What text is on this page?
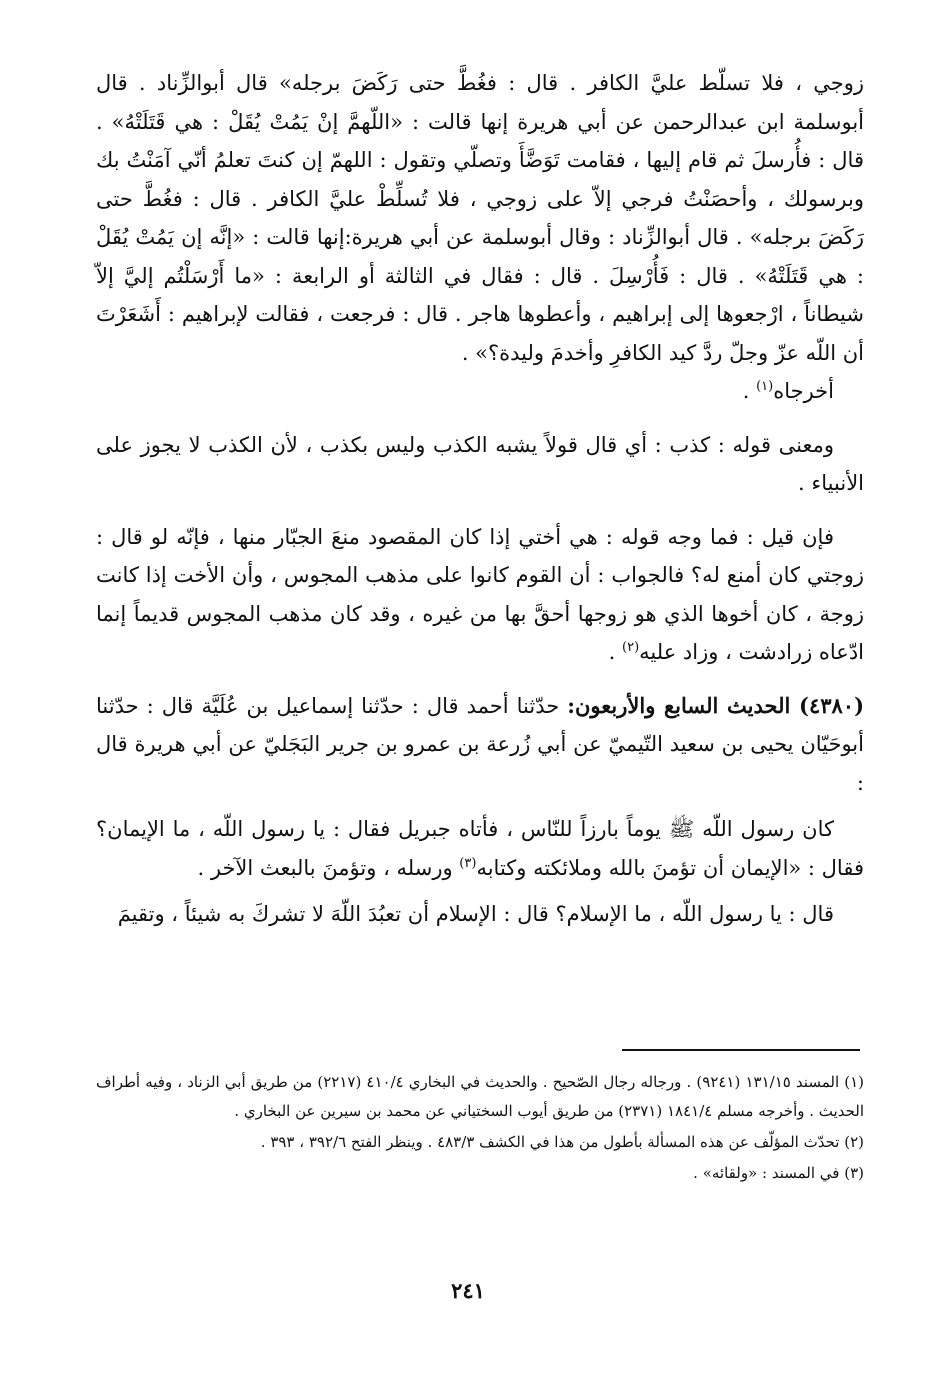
زوجي ، فلا تسلّط عليَّ الكافر . قال : فغُطَّ حتى رَكَضَ برجله» قال أبوالزِّناد . قال أبوسلمة ابن عبدالرحمن عن أبي هريرة إنها قالت : «اللّهمَّ إنْ يَمُتْ يُقَلْ : هي قَتَلَتْهُ» . قال : فأُرسلَ ثم قام إليها ، فقامت تَوَضَّأَ وتصلّي وتقول : اللهمّ إن كنتَ تعلمُ أنّي آمَنْتُ بك وبرسولك ، وأحصَنْتُ فرجي إلاّ على زوجي ، فلا تُسلِّطْ عليَّ الكافر . قال : فغُطَّ حتى رَكَضَ برجله» . قال أبوالزِّناد : وقال أبوسلمة عن أبي هريرة:إنها قالت : «إنَّه إن يَمُتْ يُقَلْ : هي قَتَلَتْهُ» . قال : فَأُرْسِلَ . قال : فقال في الثالثة أو الرابعة : «ما أَرْسَلْتُم إليَّ إلاّ شيطاناً ، ارْجعوها إلى إبراهيم ، وأعطوها هاجر . قال : فرجعت ، فقالت لإبراهيم : أَشَعَرْتَ أن اللّه عزّ وجلّ ردَّ كيد الكافرِ وأخدمَ وليدة؟» .

أخرجاه$^{(١)}$ .

ومعنى قوله : كذب : أي قال قولاً يشبه الكذب وليس بكذب ، لأن الكذب لا يجوز على الأنبياء .

فإن قيل : فما وجه قوله : هي أختي إذا كان المقصود منعَ الجبّار منها ، فإنّه لو قال : زوجتي كان أمنع له؟ فالجواب : أن القوم كانوا على مذهب المجوس ، وأن الأخت إذا كانت زوجة ، كان أخوها الذي هو زوجها أحقَّ بها من غيره ، وقد كان مذهب المجوس قديماً إنما ادّعاه زرادشت ، وزاد عليه$^{(٢)}$ .

(٤٣٨٠) الحديث السابع والأربعون: حدّثنا أحمد قال : حدّثنا إسماعيل بن عُلَيَّة قال : حدّثنا أبوحَيّان يحيى بن سعيد التّيميّ عن أبي زُرعة بن عمرو بن جرير البَجَليّ عن أبي هريرة قال :

كان رسول اللّه ﷺ يوماً بارزاً للنّاس ، فأتاه جبريل فقال : يا رسول اللّه ، ما الإيمان؟ فقال : «الإيمان أن تؤمنَ بالله وملائكته وكتابه$^{(٣)}$ ورسله ، وتؤمنَ بالبعث الآخر .

قال : يا رسول اللّه ، ما الإسلام؟ قال : الإسلام أن تعبُدَ اللّهَ لا تشركَ به شيئاً ، وتقيمَ

(١) المسند ١٣١/١٥ (٩٢٤١) . ورجاله رجال الصّحيح . والحديث في البخاري ٤١٠/٤ (٢٢١٧) من طريق أبي الزناد ، وفيه أطراف الحديث . وأخرجه مسلم ١٨٤١/٤ (٢٣٧١) من طريق أيوب السختياني عن محمد بن سيرين عن البخاري .

(٢) تحدّث المؤلّف عن هذه المسألة بأطول من هذا في الكشف ٤٨٣/٣ . وينظر الفتح ٣٩٢/٦ ، ٣٩٣ .

(٣) في المسند : «ولقائه» .

٢٤١
